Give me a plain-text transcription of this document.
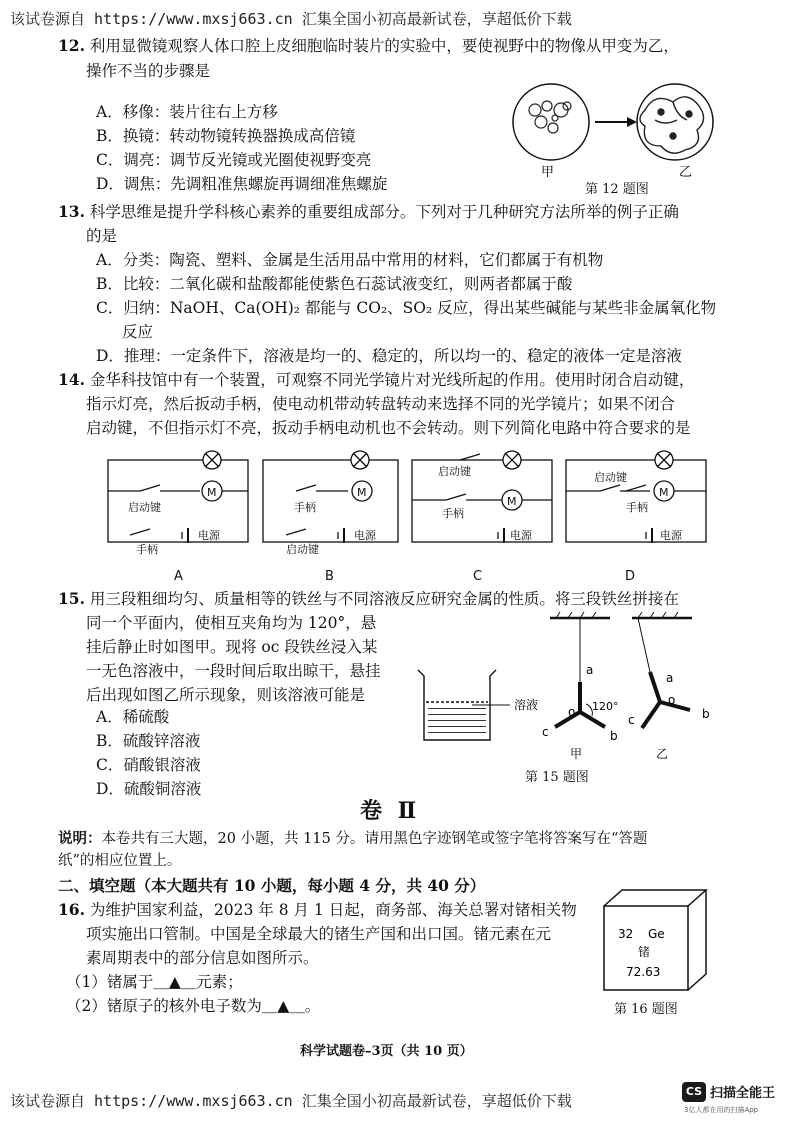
该试卷源自 https://www.mxsj663.cn 汇集全国小初高最新试卷，享超低价下载
12. 利用显微镜观察人体口腔上皮细胞临时装片的实验中，要使视野中的物像从甲变为乙，
操作不当的步骤是
A．移像：装片往右上方移
B．换镜：转动物镜转换器换成高倍镜
C．调亮：调节反光镜或光圈使视野变亮
D．调焦：先调粗准焦螺旋再调细准焦螺旋
甲	乙
第 12 题图
13. 科学思维是提升学科核心素养的重要组成部分。下列对于几种研究方法所举的例子正确
的是
A．分类：陶瓷、塑料、金属是生活用品中常用的材料，它们都属于有机物
B．比较：二氧化碳和盐酸都能使紫色石蕊试液变红，则两者都属于酸
C．归纳：NaOH、Ca(OH)₂ 都能与 CO₂、SO₂ 反应，得出某些碱能与某些非金属氧化物
反应
D．推理：一定条件下，溶液是均一的、稳定的，所以均一的、稳定的液体一定是溶液
14. 金华科技馆中有一个装置，可观察不同光学镜片对光线所起的作用。使用时闭合启动键，
指示灯亮，然后扳动手柄，使电动机带动转盘转动来选择不同的光学镜片；如果不闭合
启动键，不但指示灯不亮，扳动手柄电动机也不会转动。则下列简化电路中符合要求的是
M	M
M
M
启动键
手柄
电源
手柄
启动键
电源
启动键
手柄
电源
启动键
手柄
电源
A	B	C	D
15. 用三段粗细均匀、质量相等的铁丝与不同溶液反应研究金属的性质。将三段铁丝拼接在
同一个平面内，使相互夹角均为 120°，悬
挂后静止时如图甲。现将 oc 段铁丝浸入某
一无色溶液中，一段时间后取出晾干，悬挂
后出现如图乙所示现象，则该溶液可能是
A．稀硫酸
B．硫酸锌溶液
C．硝酸银溶液
D．硫酸铜溶液
溶液
a
o 120°
c	b
甲
a
o
c	b
乙
第 15 题图
卷 Ⅱ
说明：本卷共有三大题，20 小题，共 115 分。请用黑色字迹钢笔或签字笔将答案写在“答题
纸”的相应位置上。
二、填空题（本大题共有 10 小题，每小题 4 分，共 40 分）
16. 为维护国家利益，2023 年 8 月 1 日起，商务部、海关总署对锗相关物
项实施出口管制。中国是全球最大的锗生产国和出口国。锗元素在元
素周期表中的部分信息如图所示。
（1）锗属于＿▲＿元素；
（2）锗原子的核外电子数为＿▲＿。
32 Ge
锗
72.63
第 16 题图
科学试题卷–3页（共 10 页）
该试卷源自 https://www.mxsj663.cn 汇集全国小初高最新试卷，享超低价下载
CS 扫描全能王
3亿人都在用的扫描App
